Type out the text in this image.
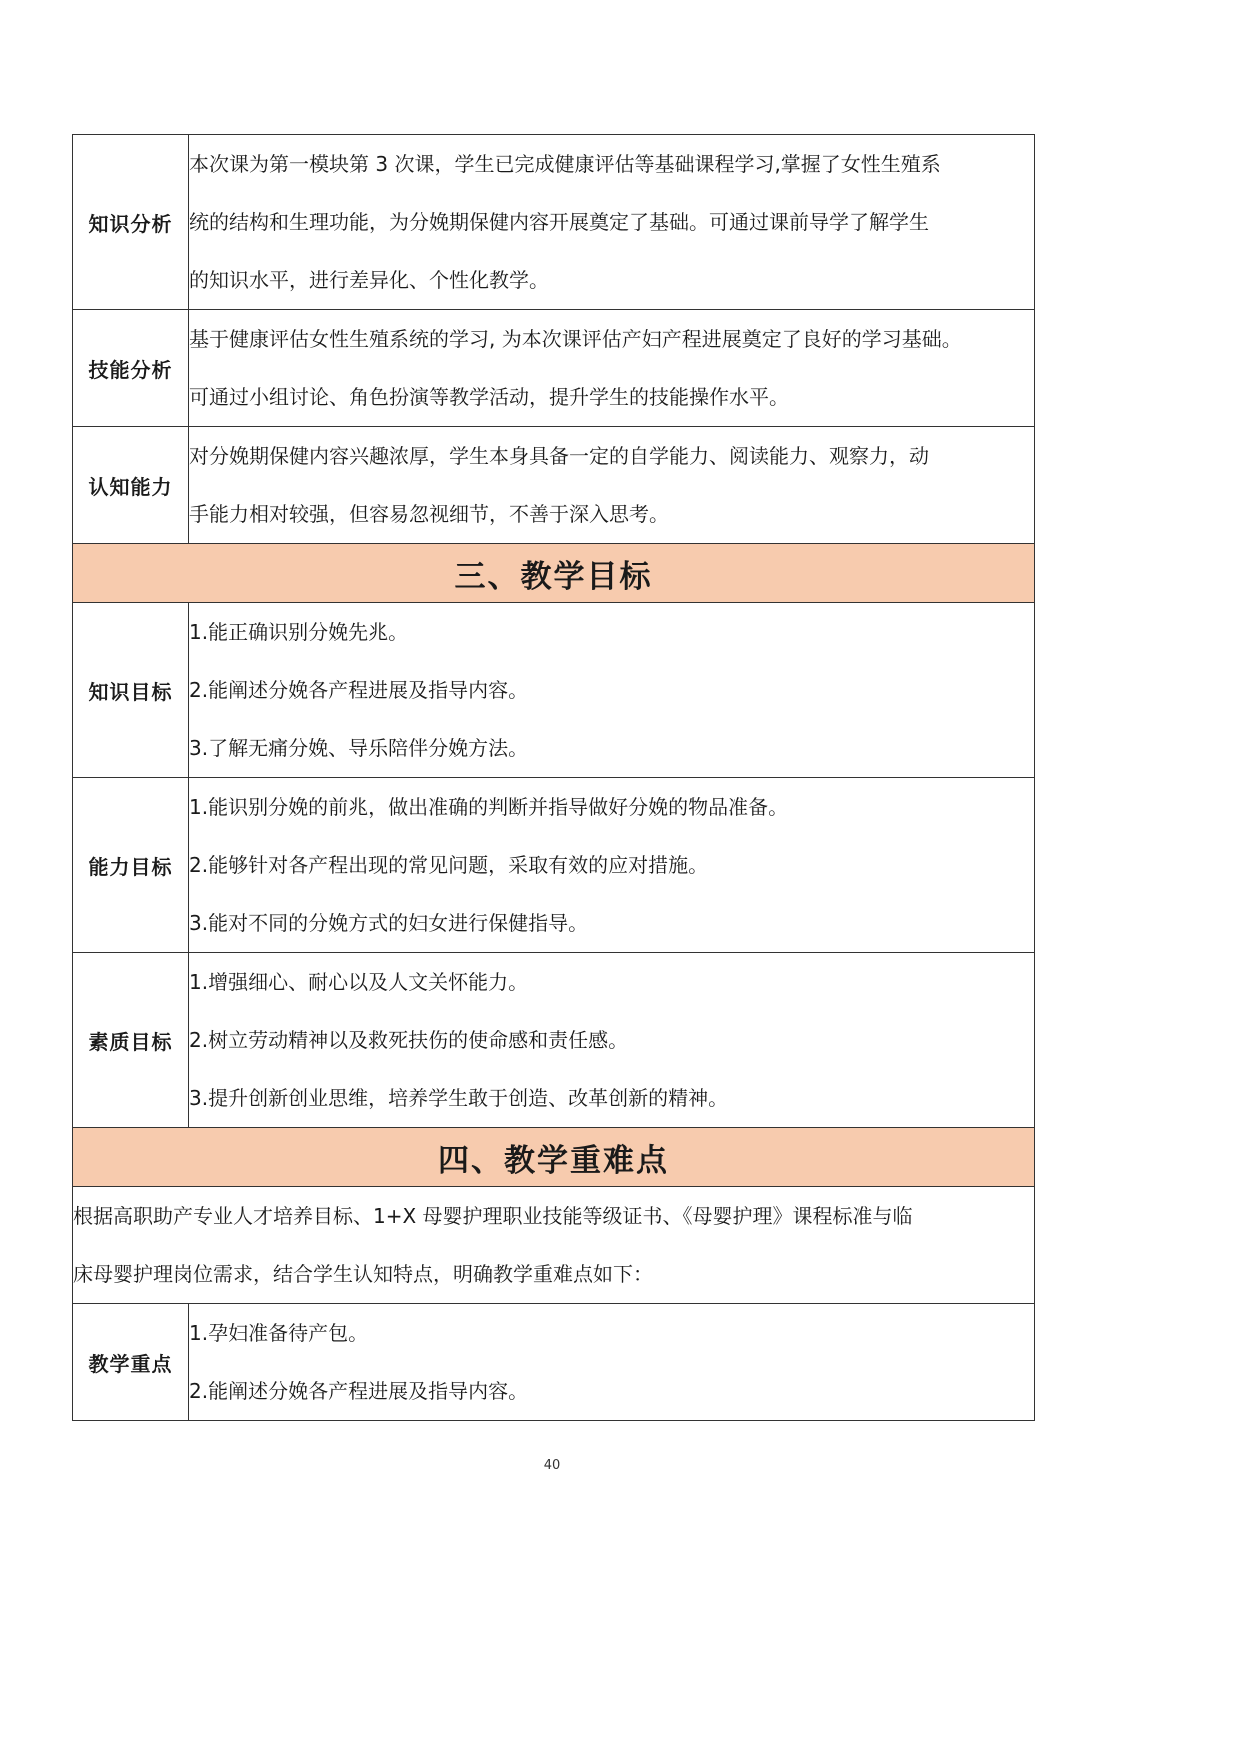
知识分析	本次课为第一模块第 3 次课，学生已完成健康评估等基础课程学习,掌握了女性生殖系
统的结构和生理功能，为分娩期保健内容开展奠定了基础。可通过课前导学了解学生
的知识水平，进行差异化、个性化教学。

技能分析	基于健康评估女性生殖系统的学习, 为本次课评估产妇产程进展奠定了良好的学习基础。
可通过小组讨论、角色扮演等教学活动，提升学生的技能操作水平。

认知能力	对分娩期保健内容兴趣浓厚，学生本身具备一定的自学能力、阅读能力、观察力，动
手能力相对较强，但容易忽视细节，不善于深入思考。

三、教学目标	
知识目标	1.能正确识别分娩先兆。
2.能阐述分娩各产程进展及指导内容。
3.了解无痛分娩、导乐陪伴分娩方法。

能力目标	1.能识别分娩的前兆，做出准确的判断并指导做好分娩的物品准备。
2.能够针对各产程出现的常见问题，采取有效的应对措施。
3.能对不同的分娩方式的妇女进行保健指导。

素质目标	1.增强细心、耐心以及人文关怀能力。
2.树立劳动精神以及救死扶伤的使命感和责任感。
3.提升创新创业思维，培养学生敢于创造、改革创新的精神。

四、教学重难点	

根据高职助产专业人才培养目标、1+X 母婴护理职业技能等级证书、《母婴护理》课程标准与临
床母婴护理岗位需求，结合学生认知特点，明确教学重难点如下：	

教学重点	1.孕妇准备待产包。
2.能阐述分娩各产程进展及指导内容。
40
